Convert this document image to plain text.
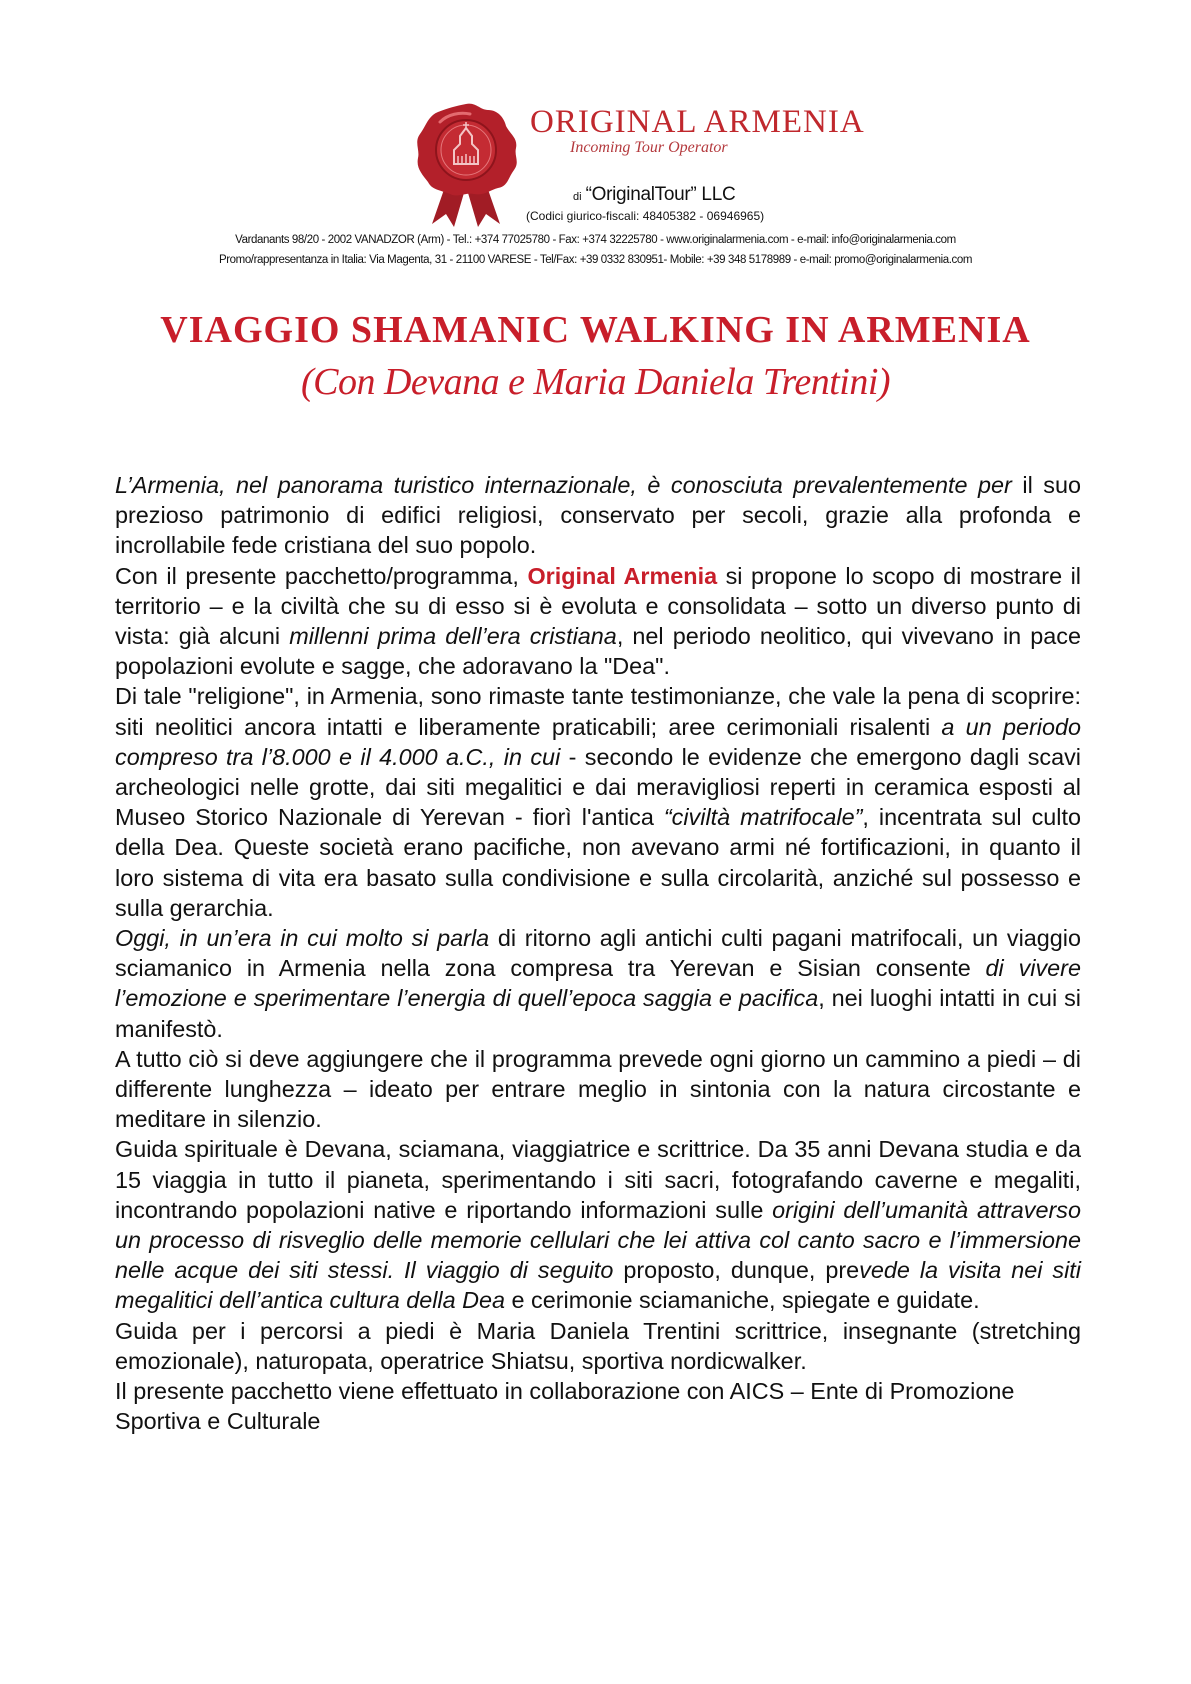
ORIGINAL ARMENIA
Incoming Tour Operator
di “OriginalTour” LLC
(Codici giurico-fiscali: 48405382 - 06946965)
Vardanants 98/20 - 2002 VANADZOR (Arm) - Tel.: +374 77025780 - Fax: +374 32225780 - www.originalarmenia.com - e-mail: info@originalarmenia.com
Promo/rappresentanza in Italia: Via Magenta, 31 - 21100 VARESE - Tel/Fax: +39 0332 830951- Mobile: +39 348 5178989 - e-mail: promo@originalarmenia.com
VIAGGIO SHAMANIC WALKING IN ARMENIA
(Con Devana e Maria Daniela Trentini)

L’Armenia, nel panorama turistico internazionale, è conosciuta prevalentemente per il suo prezioso patrimonio di edifici religiosi, conservato per secoli, grazie alla profonda e incrollabile fede cristiana del suo popolo.

Con il presente pacchetto/programma, Original Armenia si propone lo scopo di mostrare il territorio – e la civiltà che su di esso si è evoluta e consolidata – sotto un diverso punto di vista: già alcuni millenni prima dell’era cristiana, nel periodo neolitico, qui vivevano in pace popolazioni evolute e sagge, che adoravano la "Dea".

Di tale "religione", in Armenia, sono rimaste tante testimonianze, che vale la pena di scoprire: siti neolitici ancora intatti e liberamente praticabili; aree cerimoniali risalenti a un periodo compreso tra l’8.000 e il 4.000 a.C., in cui - secondo le evidenze che emergono dagli scavi archeologici nelle grotte, dai siti megalitici e dai meravigliosi reperti in ceramica esposti al Museo Storico Nazionale di Yerevan - fiorì l'antica “civiltà matrifocale”, incentrata sul culto della Dea. Queste società erano pacifiche, non avevano armi né fortificazioni, in quanto il loro sistema di vita era basato sulla condivisione e sulla circolarità, anziché sul possesso e sulla gerarchia.

Oggi, in un’era in cui molto si parla di ritorno agli antichi culti pagani matrifocali, un viaggio sciamanico in Armenia nella zona compresa tra Yerevan e Sisian consente di vivere l’emozione e sperimentare l’energia di quell’epoca saggia e pacifica, nei luoghi intatti in cui si manifestò.

A tutto ciò si deve aggiungere che il programma prevede ogni giorno un cammino a piedi – di differente lunghezza – ideato per entrare meglio in sintonia con la natura circostante e meditare in silenzio.

Guida spirituale è Devana, sciamana, viaggiatrice e scrittrice. Da 35 anni Devana studia e da 15 viaggia in tutto il pianeta, sperimentando i siti sacri, fotografando caverne e megaliti, incontrando popolazioni native e riportando informazioni sulle origini dell’umanità attraverso un processo di risveglio delle memorie cellulari che lei attiva col canto sacro e l’immersione nelle acque dei siti stessi. Il viaggio di seguito proposto, dunque, prevede la visita nei siti megalitici dell’antica cultura della Dea e cerimonie sciamaniche, spiegate e guidate.

Guida per i percorsi a piedi è Maria Daniela Trentini scrittrice, insegnante (stretching emozionale), naturopata, operatrice Shiatsu, sportiva nordicwalker.

Il presente pacchetto viene effettuato in collaborazione con AICS – Ente di Promozione Sportiva e Culturale
